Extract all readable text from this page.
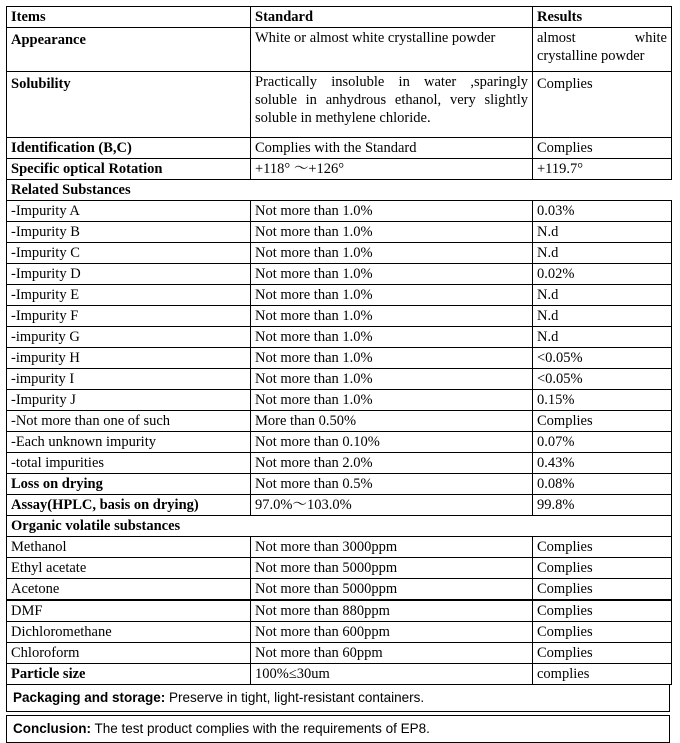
Items	Standard	Results
Appearance	White or almost white crystalline powder	almost white
crystalline powder

Solubility	Practically insoluble in water ,sparingly soluble in anhydrous ethanol, very slightly soluble in methylene chloride.	Complies
Identification (B,C)	Complies with the Standard	Complies
Specific optical Rotation	+118° ～+126°	+119.7°
Related Substances		
-Impurity A	Not more than 1.0%	0.03%
-Impurity B	Not more than 1.0%	N.d
-Impurity C	Not more than 1.0%	N.d
-Impurity D	Not more than 1.0%	0.02%
-Impurity E	Not more than 1.0%	N.d
-Impurity F	Not more than 1.0%	N.d
-impurity G	Not more than 1.0%	N.d
-impurity H	Not more than 1.0%	<0.05%
-impurity I	Not more than 1.0%	<0.05%
-Impurity J	Not more than 1.0%	0.15%
-Not more than one of such	More than 0.50%	Complies
-Each unknown impurity	Not more than 0.10%	0.07%
-total impurities	Not more than 2.0%	0.43%
Loss on drying	Not more than 0.5%	0.08%
Assay(HPLC, basis on drying)	97.0%～103.0%	99.8%
Organic volatile substances		
Methanol	Not more than 3000ppm	Complies
Ethyl acetate	Not more than 5000ppm	Complies
Acetone	Not more than 5000ppm	Complies
DMF	Not more than 880ppm	Complies
Dichloromethane	Not more than 600ppm	Complies
Chloroform	Not more than 60ppm	Complies
Particle size	100%≤30um	complies
Packaging and storage: Preserve in tight, light-resistant containers.
Conclusion: The test product complies with the requirements of EP8.
